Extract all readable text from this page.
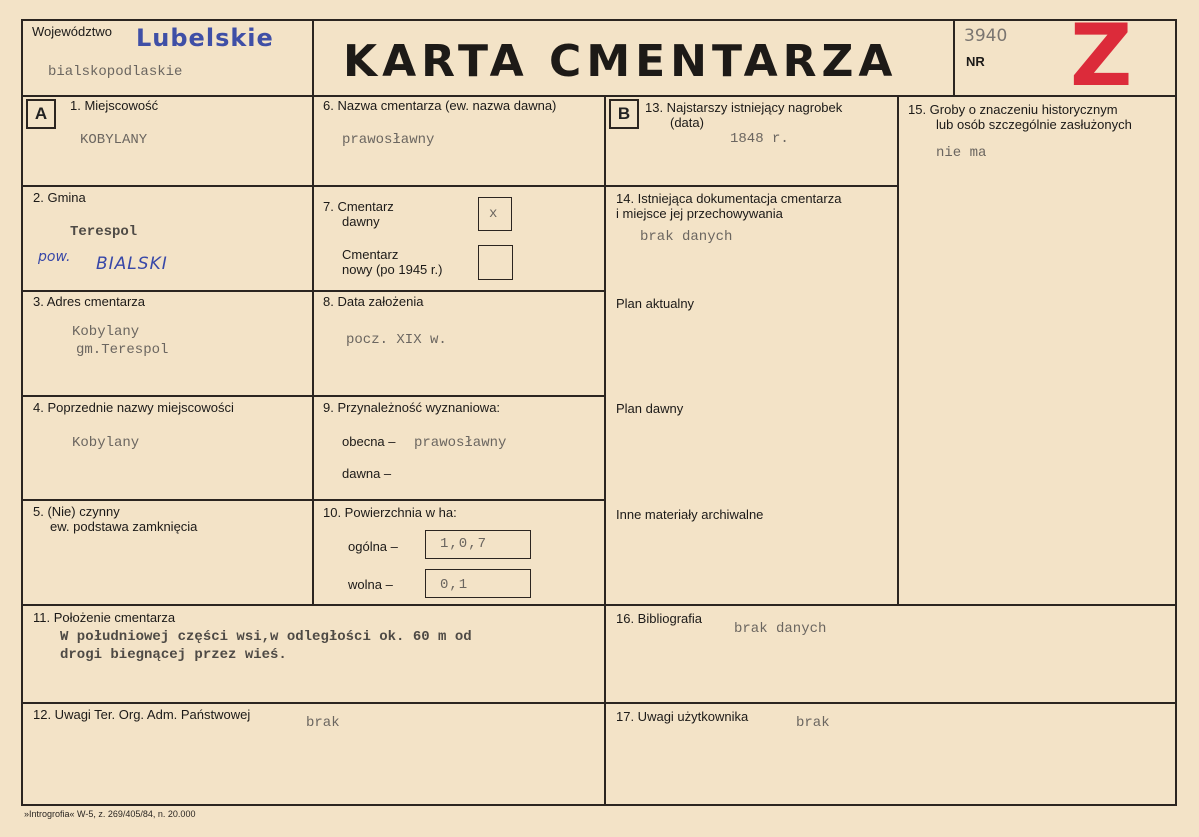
Województwo Lubelskie
bialskopodlaskie	KARTA CMENTARZA	3940
NR Z
A	B
1. Miejscowość
KOBYLANY
2. Gmina
Terespol
pow. BIALSKI
3. Adres cmentarza
Kobylany
gm.Terespol
4. Poprzednie nazwy miejscowości
Kobylany
5. (Nie) czynny
ew. podstawa zamknięcia
6. Nazwa cmentarza (ew. nazwa dawna)
prawosławny
7. Cmentarz
dawny	x
Cmentarz
nowy (po 1945 r.)
8. Data założenia
pocz. XIX w.
9. Przynależność wyznaniowa:
obecna – prawosławny
dawna –
10. Powierzchnia w ha:
ogólna –	1,0,7
wolna –	0,1
11. Położenie cmentarza
W południowej części wsi,w odległości ok. 60 m od
drogi biegnącej przez wieś.
12. Uwagi Ter. Org. Adm. Państwowej
brak
13. Najstarszy istniejący nagrobek
(data)
1848 r.
14. Istniejąca dokumentacja cmentarza
i miejsce jej przechowywania
brak danych
Plan aktualny
Plan dawny
Inne materiały archiwalne
15. Groby o znaczeniu historycznym
lub osób szczególnie zasłużonych
nie ma
16. Bibliografia
brak danych
17. Uwagi użytkownika	brak
»Introgrofia« W-5, z. 269/405/84, n. 20.000
